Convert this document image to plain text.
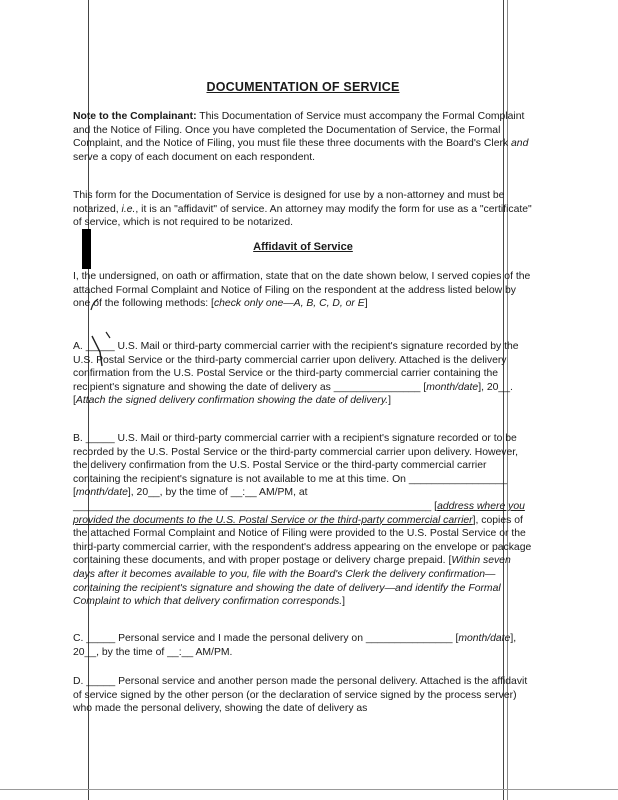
DOCUMENTATION OF SERVICE

Note to the Complainant: This Documentation of Service must accompany the Formal Complaint and the Notice of Filing. Once you have completed the Documentation of Service, the Formal Complaint, and the Notice of Filing, you must file these three documents with the Board's Clerk and serve a copy of each document on each respondent.

This form for the Documentation of Service is designed for use by a non-attorney and must be notarized, i.e., it is an "affidavit" of service. An attorney may modify the form for use as a "certificate" of service, which is not required to be notarized.

Affidavit of Service

I, the undersigned, on oath or affirmation, state that on the date shown below, I served copies of the attached Formal Complaint and Notice of Filing on the respondent at the address listed below by one of the following methods: [check only one—A, B, C, D, or E]

A. _____ U.S. Mail or third-party commercial carrier with the recipient's signature recorded by the U.S. Postal Service or the third-party commercial carrier upon delivery. Attached is the delivery confirmation from the U.S. Postal Service or the third-party commercial carrier containing the recipient's signature and showing the date of delivery as _______________ [month/date], 20__. [Attach the signed delivery confirmation showing the date of delivery.]

B. _____ U.S. Mail or third-party commercial carrier with a recipient's signature recorded or to be recorded by the U.S. Postal Service or the third-party commercial carrier upon delivery. However, the delivery confirmation from the U.S. Postal Service or the third-party commercial carrier containing the recipient's signature is not available to me at this time. On _________________ [month/date], 20__, by the time of __:__ AM/PM, at ______________________________________________________________ [address where you provided the documents to the U.S. Postal Service or the third-party commercial carrier], copies of the attached Formal Complaint and Notice of Filing were provided to the U.S. Postal Service or the third-party commercial carrier, with the respondent's address appearing on the envelope or package containing these documents, and with proper postage or delivery charge prepaid. [Within seven days after it becomes available to you, file with the Board's Clerk the delivery confirmation—containing the recipient's signature and showing the date of delivery—and identify the Formal Complaint to which that delivery confirmation corresponds.]

C. _____ Personal service and I made the personal delivery on _______________ [month/date], 20__, by the time of __:__ AM/PM.

D. _____ Personal service and another person made the personal delivery. Attached is the affidavit of service signed by the other person (or the declaration of service signed by the process server) who made the personal delivery, showing the date of delivery as
